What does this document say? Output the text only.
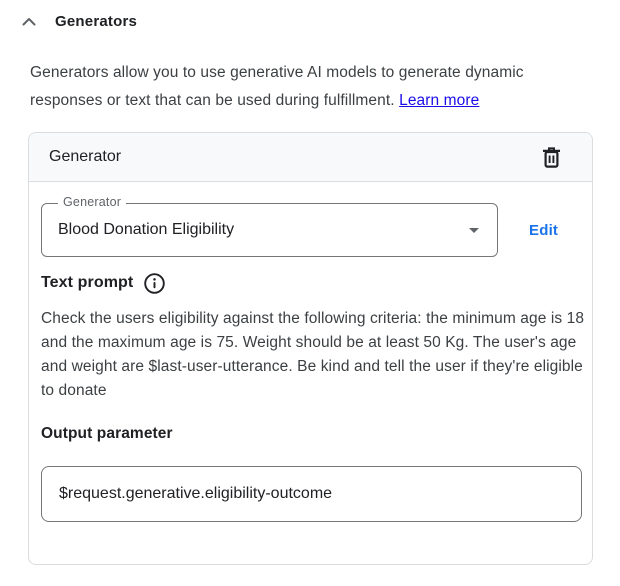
Generators
Generators allow you to use generative AI models to generate dynamic responses or text that can be used during fulfillment. Learn more
Generator
Generator
Blood Donation Eligibility	Edit
Text prompt
Check the users eligibility against the following criteria: the minimum age is 18 and the maximum age is 75. Weight should be at least 50 Kg. The user's age and weight are $last-user-utterance. Be kind and tell the user if they're eligible to donate
Output parameter
$request.generative.eligibility-outcome
